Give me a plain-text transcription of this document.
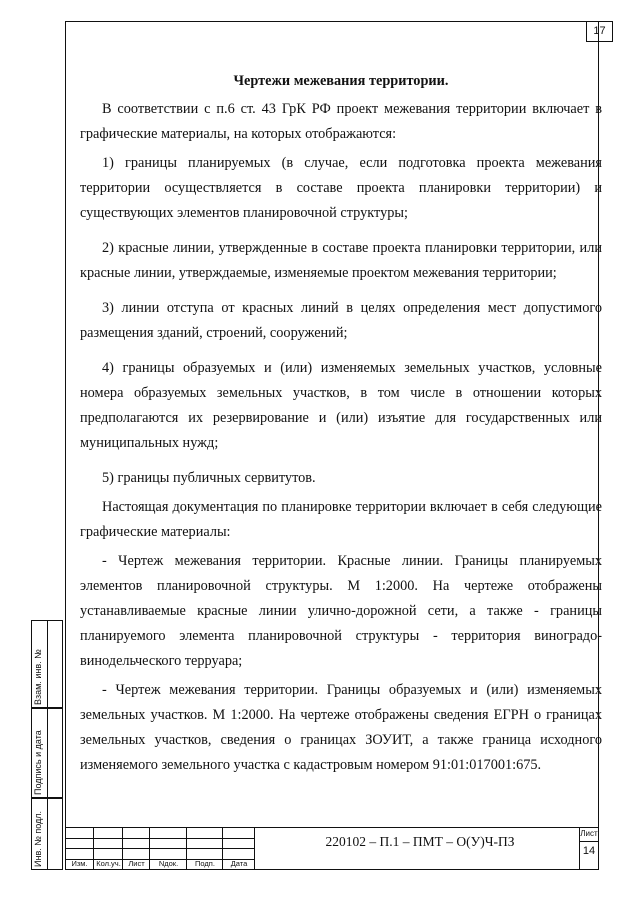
17

Чертежи межевания территории.

В соответствии с п.6 ст. 43 ГрК РФ проект межевания территории включает в графические материалы, на которых отображаются:

1) границы планируемых (в случае, если подготовка проекта межевания территории осуществляется в составе проекта планировки территории) и существующих элементов планировочной структуры;

2) красные линии, утвержденные в составе проекта планировки территории, или красные линии, утверждаемые, изменяемые проектом межевания территории;

3) линии отступа от красных линий в целях определения мест допустимого размещения зданий, строений, сооружений;

4) границы образуемых и (или) изменяемых земельных участков, условные номера образуемых земельных участков, в том числе в отношении которых предполагаются их резервирование и (или) изъятие для государственных или муниципальных нужд;

5) границы публичных сервитутов.

Настоящая документация по планировке территории включает в себя следующие графические материалы:

- Чертеж межевания территории. Красные линии. Границы планируемых элементов планировочной структуры. М 1:2000. На чертеже отображены устанавливаемые красные линии улично-дорожной сети, а также - границы планируемого элемента планировочной структуры - территория виноградо-винодельческого терруара;

- Чертеж межевания территории. Границы образуемых и (или) изменяемых земельных участков. М 1:2000. На чертеже отображены сведения ЕГРН о границах земельных участков, сведения о границах ЗОУИТ, а также граница исходного изменяемого земельного участка с кадастровым номером 91:01:017001:675.

Взам. инв. №
Подпись и дата
Инв. № подл.	Изм.	Кол.уч.	Лист	Nдок.	Подп.	Дата
220102 – П.1 – ПМТ – О(У)Ч-ПЗ
Лист
14
